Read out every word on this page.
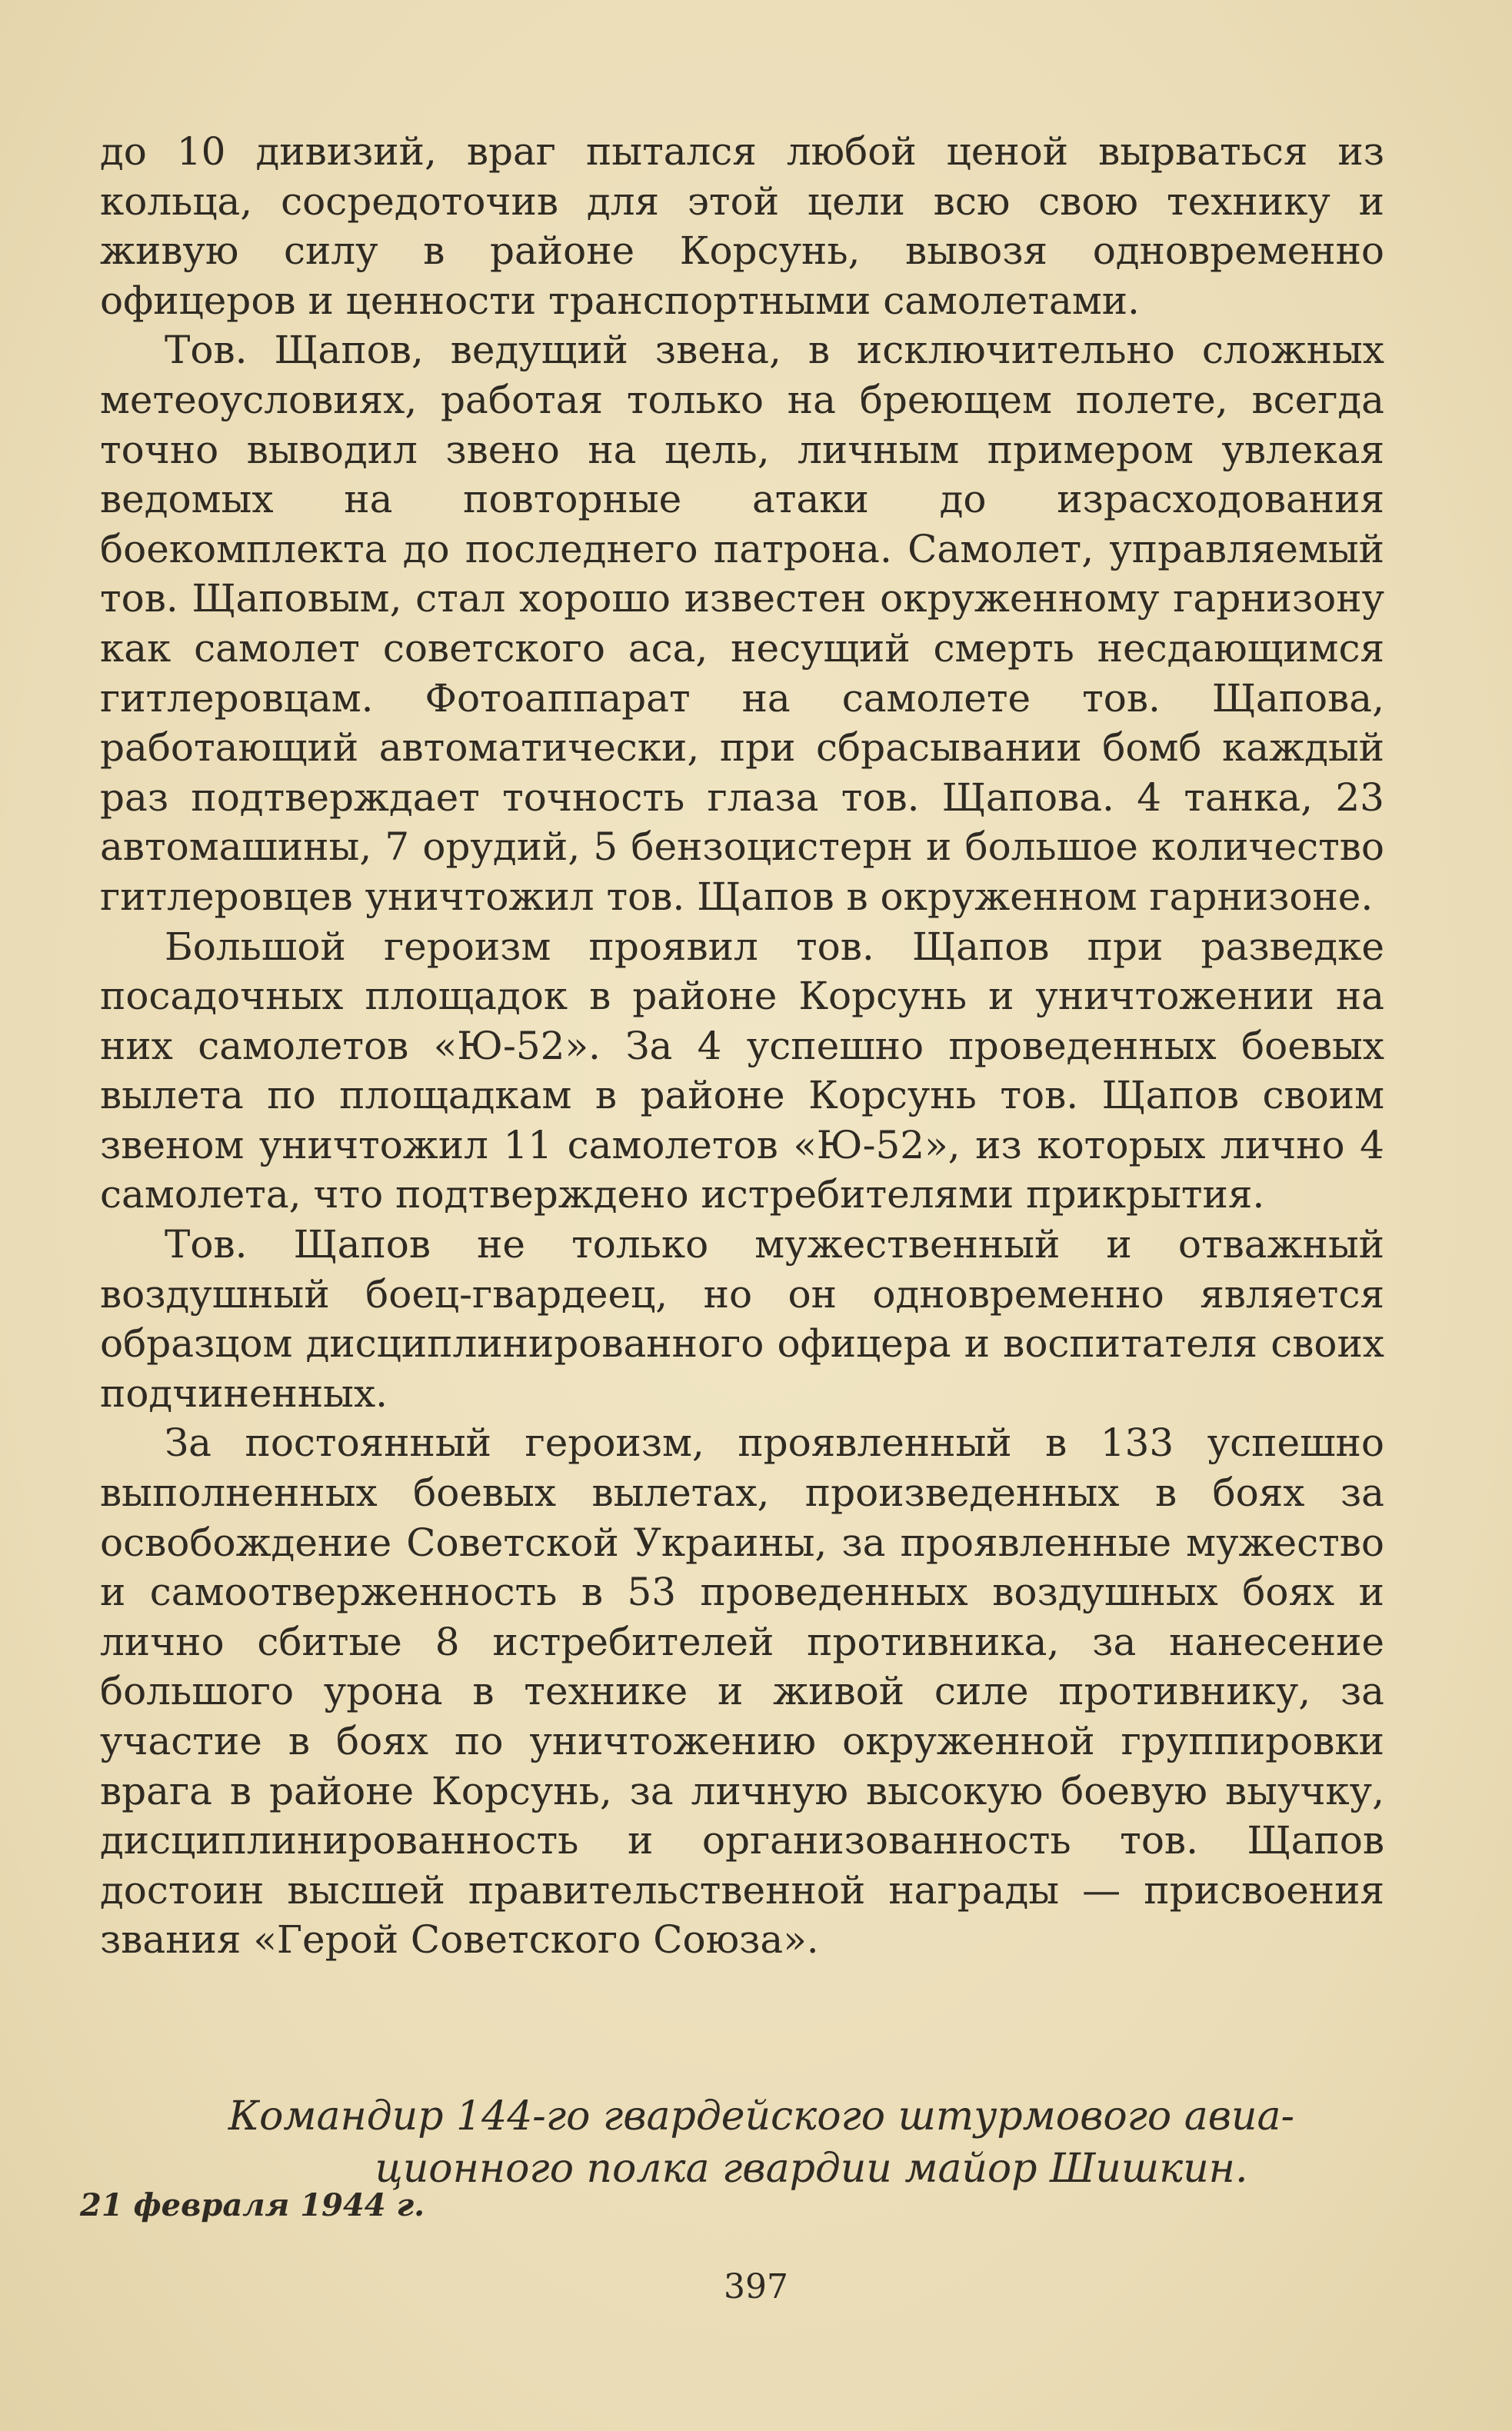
до 10 дивизий, враг пытался любой ценой вырваться из кольца, сосредоточив для этой цели всю свою технику и живую силу в районе Корсунь, вывозя одновременно офицеров и ценности транспортными самолетами.

Тов. Щапов, ведущий звена, в исключительно сложных метеоусловиях, работая только на бреющем полете, всегда точно выводил звено на цель, личным примером увлекая ведомых на повторные атаки до израсходования боекомплекта до последнего патрона. Самолет, управляемый тов. Щаповым, стал хорошо известен окруженному гарнизону как самолет советского аса, несущий смерть несдающимся гитлеровцам. Фотоаппарат на самолете тов. Щапова, работающий автоматически, при сбрасывании бомб каждый раз подтверждает точность глаза тов. Щапова. 4 танка, 23 автомашины, 7 орудий, 5 бензоцистерн и большое количество гитлеровцев уничтожил тов. Щапов в окруженном гарнизоне.

Большой героизм проявил тов. Щапов при разведке посадочных площадок в районе Корсунь и уничтожении на них самолетов «Ю-52». За 4 успешно проведенных боевых вылета по площадкам в районе Корсунь тов. Щапов своим звеном уничтожил 11 самолетов «Ю-52», из которых лично 4 самолета, что подтверждено истребителями прикрытия.

Тов. Щапов не только мужественный и отважный воздушный боец-гвардеец, но он одновременно является образцом дисциплинированного офицера и воспитателя своих подчиненных.

За постоянный героизм, проявленный в 133 успешно выполненных боевых вылетах, произведенных в боях за освобождение Советской Украины, за проявленные мужество и самоотверженность в 53 проведенных воздушных боях и лично сбитые 8 истребителей противника, за нанесение большого урона в технике и живой силе противнику, за участие в боях по уничтожению окруженной группировки врага в районе Корсунь, за личную высокую боевую выучку, дисциплинированность и организованность тов. Щапов достоин высшей правительственной награды — присвоения звания «Герой Советского Союза».

Командир 144-го гвардейского штурмового авиа-
ционного полка гвардии майор Шишкин.
21 февраля 1944 г.
397
